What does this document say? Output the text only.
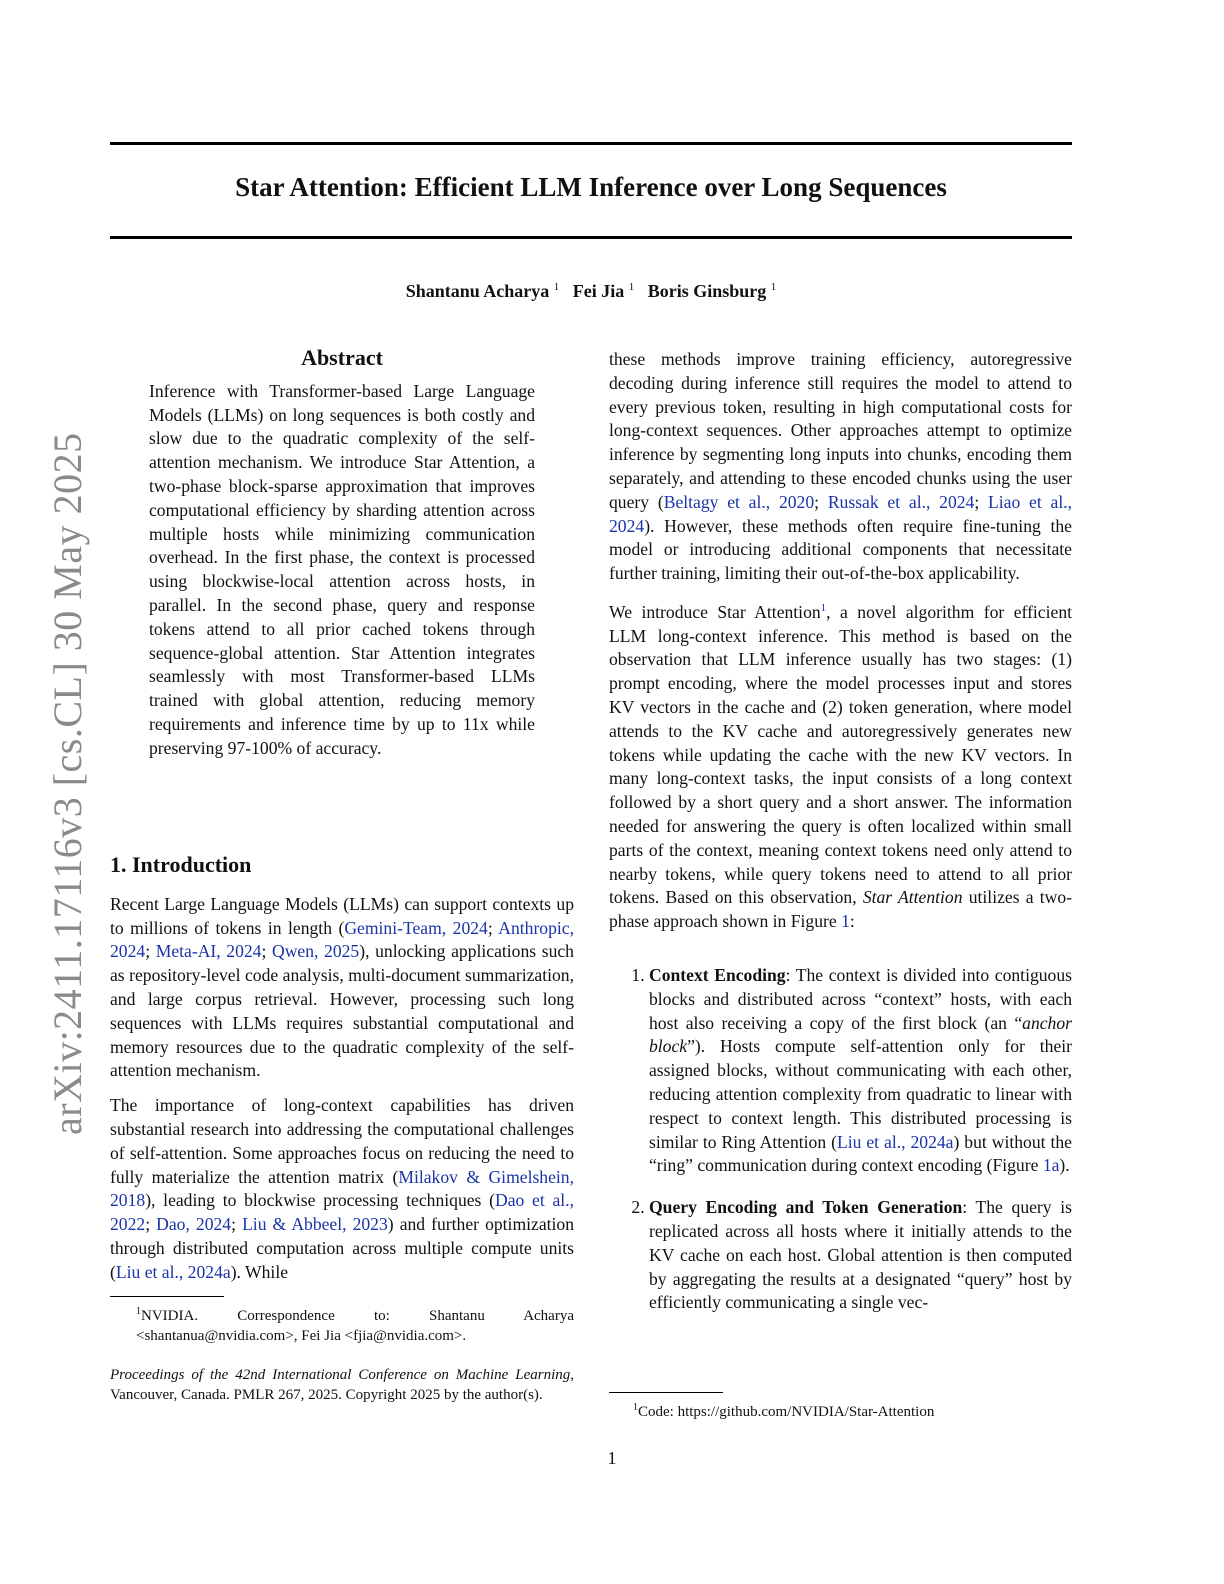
arXiv:2411.17116v3 [cs.CL] 30 May 2025
Star Attention: Efficient LLM Inference over Long Sequences
Shantanu Acharya $^1$ Fei Jia $^1$ Boris Ginsburg $^1$
Abstract

Inference with Transformer-based Large Language Models (LLMs) on long sequences is both costly and slow due to the quadratic complexity of the self-attention mechanism. We introduce Star Attention, a two-phase block-sparse approximation that improves computational efficiency by sharding attention across multiple hosts while minimizing communication overhead. In the first phase, the context is processed using blockwise-local attention across hosts, in parallel. In the second phase, query and response tokens attend to all prior cached tokens through sequence-global attention. Star Attention integrates seamlessly with most Transformer-based LLMs trained with global attention, reducing memory requirements and inference time by up to 11x while preserving 97-100% of accuracy.

1. Introduction

Recent Large Language Models (LLMs) can support contexts up to millions of tokens in length (Gemini-Team, 2024; Anthropic, 2024; Meta-AI, 2024; Qwen, 2025), unlocking applications such as repository-level code analysis, multi-document summarization, and large corpus retrieval. However, processing such long sequences with LLMs requires substantial computational and memory resources due to the quadratic complexity of the self-attention mechanism.

The importance of long-context capabilities has driven substantial research into addressing the computational challenges of self-attention. Some approaches focus on reducing the need to fully materialize the attention matrix (Milakov & Gimelshein, 2018), leading to blockwise processing techniques (Dao et al., 2022; Dao, 2024; Liu & Abbeel, 2023) and further optimization through distributed computation across multiple compute units (Liu et al., 2024a). While

$^1$NVIDIA. Correspondence to: Shantanu Acharya <shantanua@nvidia.com>, Fei Jia <fjia@nvidia.com>.
Proceedings of the 42nd International Conference on Machine Learning, Vancouver, Canada. PMLR 267, 2025. Copyright 2025 by the author(s).

these methods improve training efficiency, autoregressive decoding during inference still requires the model to attend to every previous token, resulting in high computational costs for long-context sequences. Other approaches attempt to optimize inference by segmenting long inputs into chunks, encoding them separately, and attending to these encoded chunks using the user query (Beltagy et al., 2020; Russak et al., 2024; Liao et al., 2024). However, these methods often require fine-tuning the model or introducing additional components that necessitate further training, limiting their out-of-the-box applicability.

We introduce Star Attention$^1$, a novel algorithm for efficient LLM long-context inference. This method is based on the observation that LLM inference usually has two stages: (1) prompt encoding, where the model processes input and stores KV vectors in the cache and (2) token generation, where model attends to the KV cache and autoregressively generates new tokens while updating the cache with the new KV vectors. In many long-context tasks, the input consists of a long context followed by a short query and a short answer. The information needed for answering the query is often localized within small parts of the context, meaning context tokens need only attend to nearby tokens, while query tokens need to attend to all prior tokens. Based on this observation, Star Attention utilizes a two-phase approach shown in Figure 1:

1. Context Encoding: The context is divided into contiguous blocks and distributed across “context” hosts, with each host also receiving a copy of the first block (an “anchor block”). Hosts compute self-attention only for their assigned blocks, without communicating with each other, reducing attention complexity from quadratic to linear with respect to context length. This distributed processing is similar to Ring Attention (Liu et al., 2024a) but without the “ring” communication during context encoding (Figure 1a).
2. Query Encoding and Token Generation: The query is replicated across all hosts where it initially attends to the KV cache on each host. Global attention is then computed by aggregating the results at a designated “query” host by efficiently communicating a single vec-
$^1$Code: https://github.com/NVIDIA/Star-Attention
1
